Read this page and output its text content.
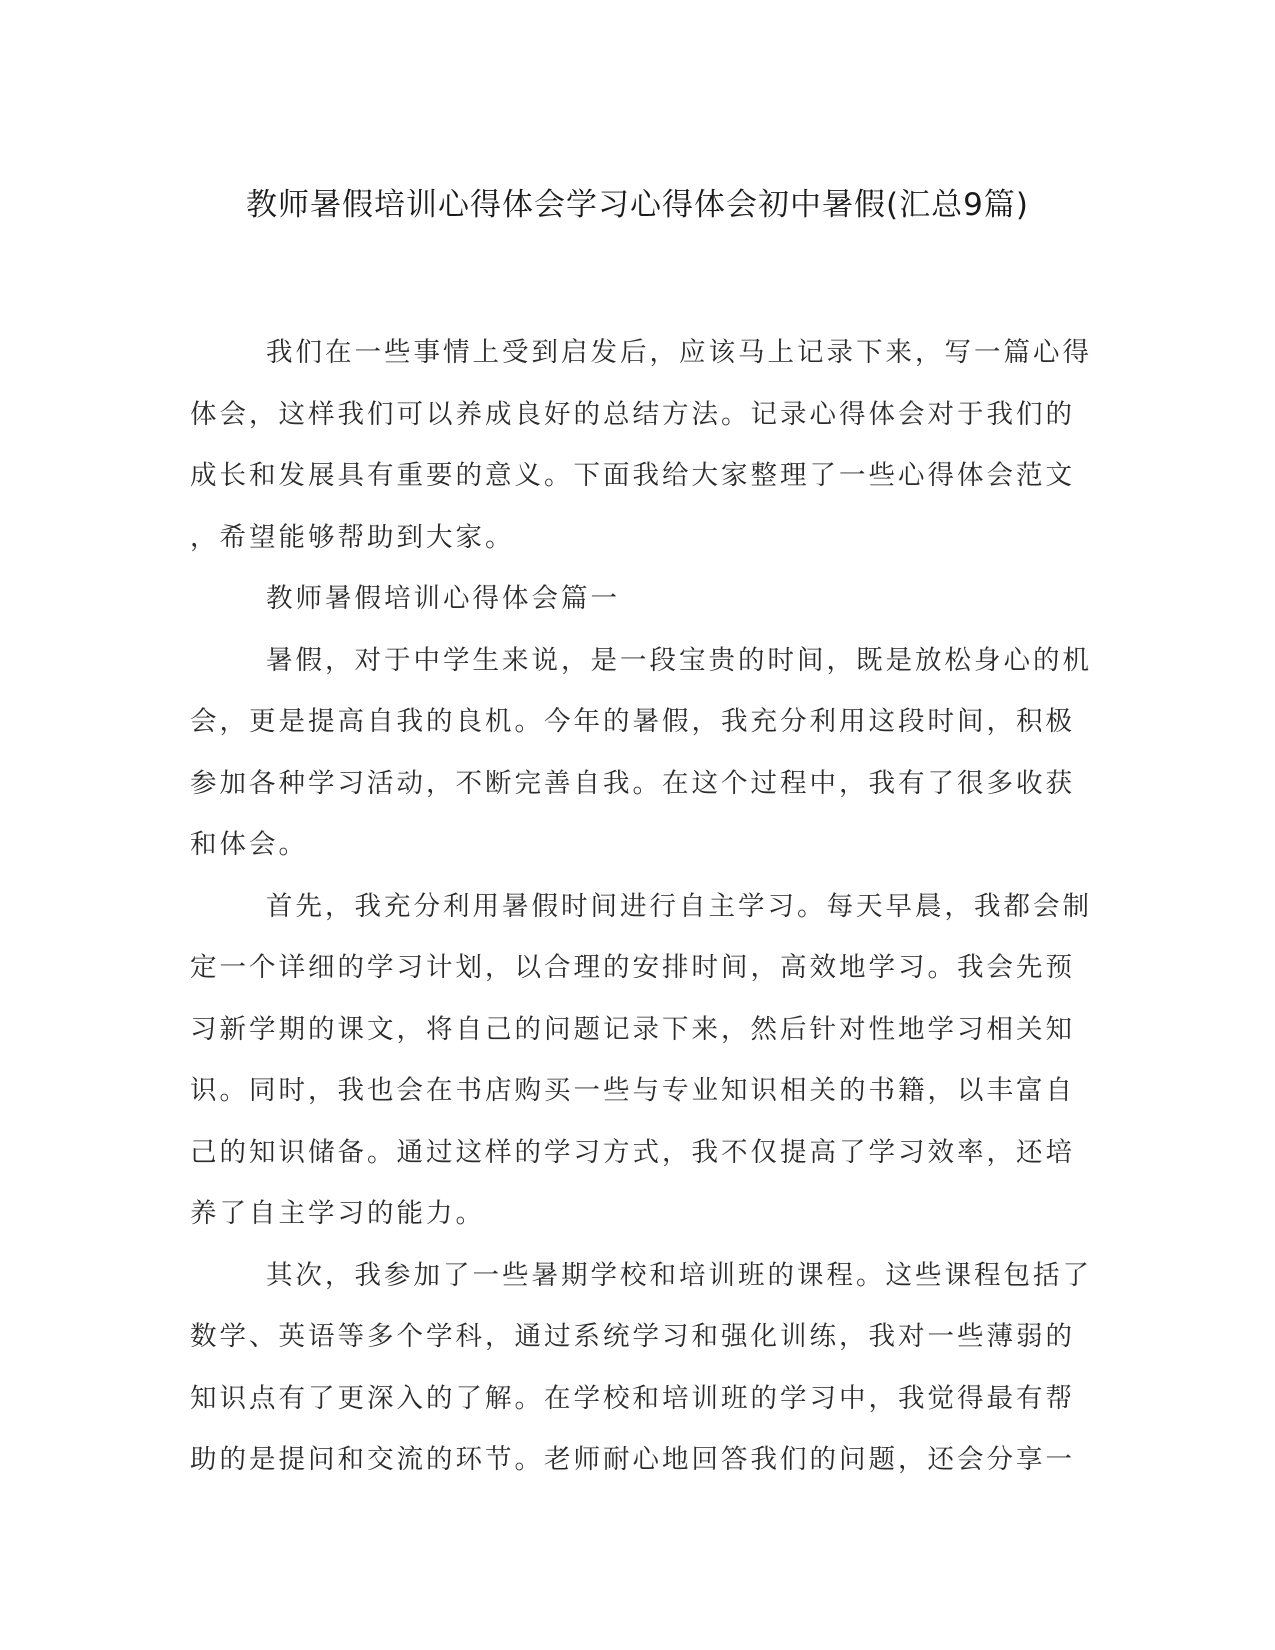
教师暑假培训心得体会学习心得体会初中暑假(汇总9篇)
我们在一些事情上受到启发后，应该马上记录下来，写一篇心得
体会，这样我们可以养成良好的总结方法。记录心得体会对于我们的
成长和发展具有重要的意义。下面我给大家整理了一些心得体会范文
，希望能够帮助到大家。
教师暑假培训心得体会篇一
暑假，对于中学生来说，是一段宝贵的时间，既是放松身心的机
会，更是提高自我的良机。今年的暑假，我充分利用这段时间，积极
参加各种学习活动，不断完善自我。在这个过程中，我有了很多收获
和体会。
首先，我充分利用暑假时间进行自主学习。每天早晨，我都会制
定一个详细的学习计划，以合理的安排时间，高效地学习。我会先预
习新学期的课文，将自己的问题记录下来，然后针对性地学习相关知
识。同时，我也会在书店购买一些与专业知识相关的书籍，以丰富自
己的知识储备。通过这样的学习方式，我不仅提高了学习效率，还培
养了自主学习的能力。
其次，我参加了一些暑期学校和培训班的课程。这些课程包括了
数学、英语等多个学科，通过系统学习和强化训练，我对一些薄弱的
知识点有了更深入的了解。在学校和培训班的学习中，我觉得最有帮
助的是提问和交流的环节。老师耐心地回答我们的问题，还会分享一
